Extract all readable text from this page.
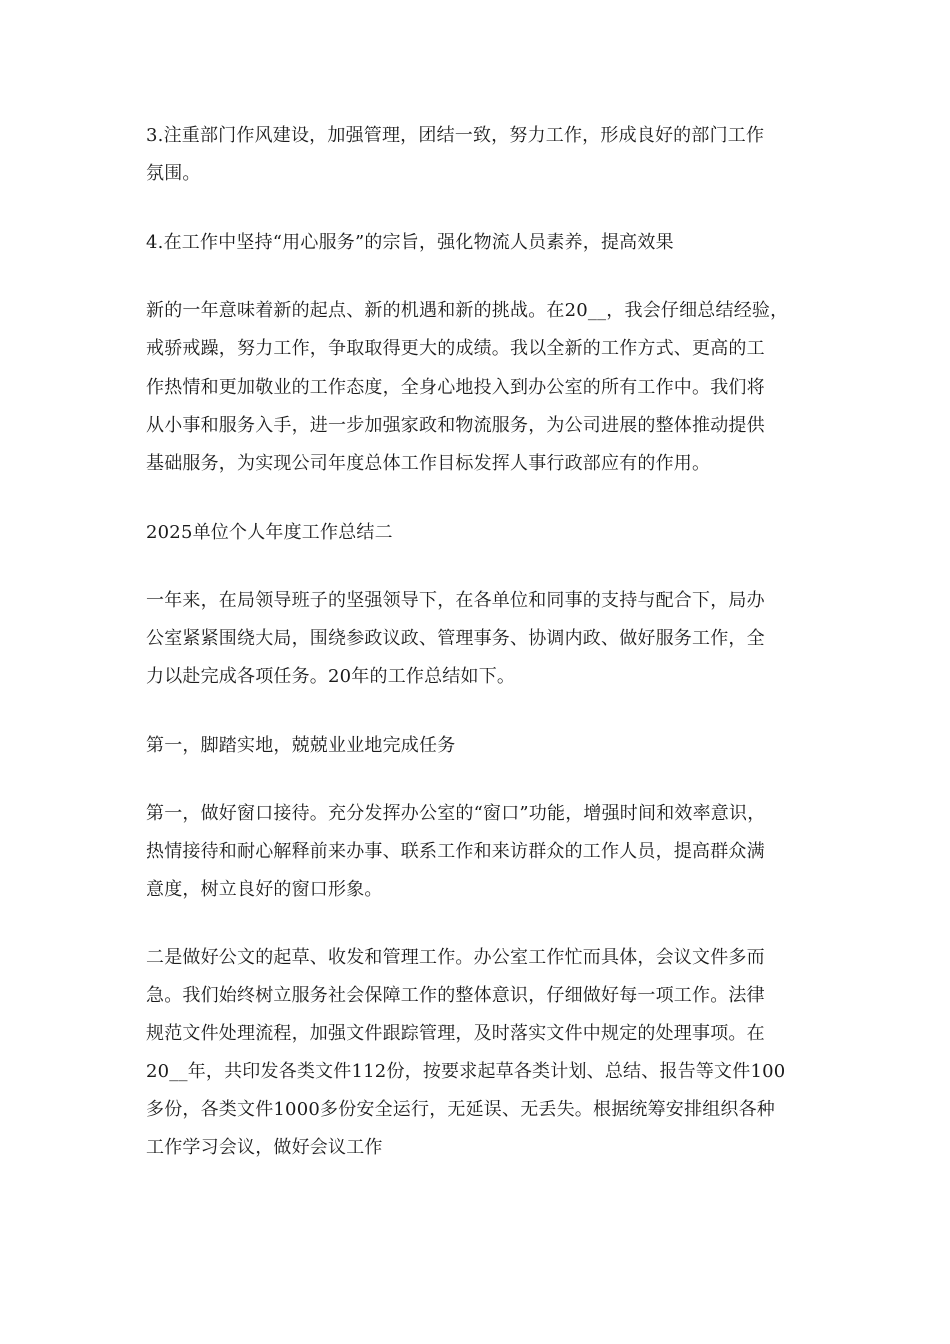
3.注重部门作风建设，加强管理，团结一致，努力工作，形成良好的部门工作
氛围。
4.在工作中坚持“用心服务”的宗旨，强化物流人员素养，提高效果
新的一年意味着新的起点、新的机遇和新的挑战。在20__，我会仔细总结经验，
戒骄戒躁，努力工作，争取取得更大的成绩。我以全新的工作方式、更高的工
作热情和更加敬业的工作态度，全身心地投入到办公室的所有工作中。我们将
从小事和服务入手，进一步加强家政和物流服务，为公司进展的整体推动提供
基础服务，为实现公司年度总体工作目标发挥人事行政部应有的作用。
2025单位个人年度工作总结二
一年来，在局领导班子的坚强领导下，在各单位和同事的支持与配合下，局办
公室紧紧围绕大局，围绕参政议政、管理事务、协调内政、做好服务工作，全
力以赴完成各项任务。20年的工作总结如下。
第一，脚踏实地，兢兢业业地完成任务
第一，做好窗口接待。充分发挥办公室的“窗口”功能，增强时间和效率意识，
热情接待和耐心解释前来办事、联系工作和来访群众的工作人员，提高群众满
意度，树立良好的窗口形象。
二是做好公文的起草、收发和管理工作。办公室工作忙而具体，会议文件多而
急。我们始终树立服务社会保障工作的整体意识，仔细做好每一项工作。法律
规范文件处理流程，加强文件跟踪管理，及时落实文件中规定的处理事项。在
20__年，共印发各类文件112份，按要求起草各类计划、总结、报告等文件100
多份，各类文件1000多份安全运行，无延误、无丢失。根据统筹安排组织各种
工作学习会议，做好会议工作
